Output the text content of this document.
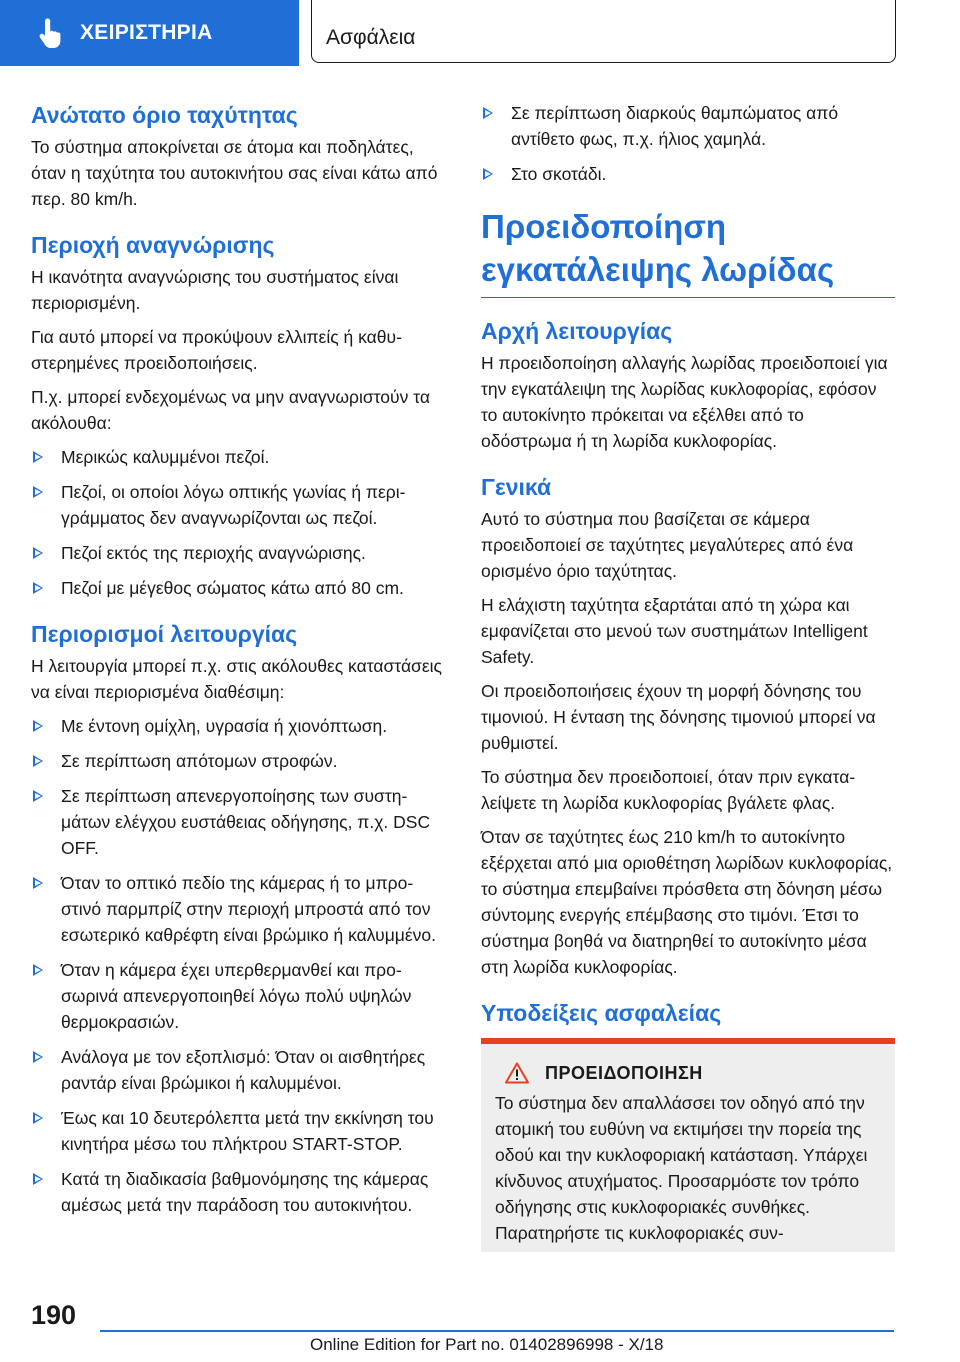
ΧΕΙΡΙΣΤΗΡΙΑ	Ασφάλεια
Ανώτατο όριο ταχύτητας

Το σύστημα αποκρίνεται σε άτομα και ποδηλάτες, όταν η ταχύτητα του αυτοκινήτου σας είναι κάτω από περ. 80 km/h.

Περιοχή αναγνώρισης

Η ικανότητα αναγνώρισης του συστήματος είναι περιορισμένη.

Για αυτό μπορεί να προκύψουν ελλιπείς ή καθυστερημένες προειδοποιήσεις.

Π.χ. μπορεί ενδεχομένως να μην αναγνωριστούν τα ακόλουθα:

Μερικώς καλυμμένοι πεζοί.
Πεζοί, οι οποίοι λόγω οπτικής γωνίας ή περιγράμματος δεν αναγνωρίζονται ως πεζοί.
Πεζοί εκτός της περιοχής αναγνώρισης.
Πεζοί με μέγεθος σώματος κάτω από 80 cm.
Περιορισμοί λειτουργίας

Η λειτουργία μπορεί π.χ. στις ακόλουθες καταστάσεις να είναι περιορισμένα διαθέσιμη:

Με έντονη ομίχλη, υγρασία ή χιονόπτωση.
Σε περίπτωση απότομων στροφών.
Σε περίπτωση απενεργοποίησης των συστημάτων ελέγχου ευστάθειας οδήγησης, π.χ. DSC OFF.
Όταν το οπτικό πεδίο της κάμερας ή το μπροστινό παρμπρίζ στην περιοχή μπροστά από τον εσωτερικό καθρέφτη είναι βρώμικο ή καλυμμένο.
Όταν η κάμερα έχει υπερθερμανθεί και προσωρινά απενεργοποιηθεί λόγω πολύ υψηλών θερμοκρασιών.
Ανάλογα με τον εξοπλισμό: Όταν οι αισθητήρες ραντάρ είναι βρώμικοι ή καλυμμένοι.
Έως και 10 δευτερόλεπτα μετά την εκκίνηση του κινητήρα μέσω του πλήκτρου START-STOP.
Κατά τη διαδικασία βαθμονόμησης της κάμερας αμέσως μετά την παράδοση του αυτοκινήτου.
Σε περίπτωση διαρκούς θαμπώματος από αντίθετο φως, π.χ. ήλιος χαμηλά.
Στο σκοτάδι.
Προειδοποίηση εγκατάλειψης λωρίδας
Αρχή λειτουργίας

Η προειδοποίηση αλλαγής λωρίδας προειδοποιεί για την εγκατάλειψη της λωρίδας κυκλοφορίας, εφόσον το αυτοκίνητο πρόκειται να εξέλθει από το οδόστρωμα ή τη λωρίδα κυκλοφορίας.

Γενικά

Αυτό το σύστημα που βασίζεται σε κάμερα προειδοποιεί σε ταχύτητες μεγαλύτερες από ένα ορισμένο όριο ταχύτητας.

Η ελάχιστη ταχύτητα εξαρτάται από τη χώρα και εμφανίζεται στο μενού των συστημάτων Intelligent Safety.

Οι προειδοποιήσεις έχουν τη μορφή δόνησης του τιμονιού. Η ένταση της δόνησης τιμονιού μπορεί να ρυθμιστεί.

Το σύστημα δεν προειδοποιεί, όταν πριν εγκαταλείψετε τη λωρίδα κυκλοφορίας βγάλετε φλας.

Όταν σε ταχύτητες έως 210 km/h το αυτοκίνητο εξέρχεται από μια οριοθέτηση λωρίδων κυκλοφορίας, το σύστημα επεμβαίνει πρόσθετα στη δόνηση μέσω σύντομης ενεργής επέμβασης στο τιμόνι. Έτσι το σύστημα βοηθά να διατηρηθεί το αυτοκίνητο μέσα στη λωρίδα κυκλοφορίας.

Υποδείξεις ασφαλείας
ΠΡΟΕΙΔΟΠΟΙΗΣΗ

Το σύστημα δεν απαλλάσσει τον οδηγό από την ατομική του ευθύνη να εκτιμήσει την πορεία της οδού και την κυκλοφοριακή κατάσταση. Υπάρχει κίνδυνος ατυχήματος. Προσαρμόστε τον τρόπο οδήγησης στις κυκλοφοριακές συνθήκες. Παρατηρήστε τις κυκλοφοριακές συν-

190
Online Edition for Part no. 01402896998 - X/18
